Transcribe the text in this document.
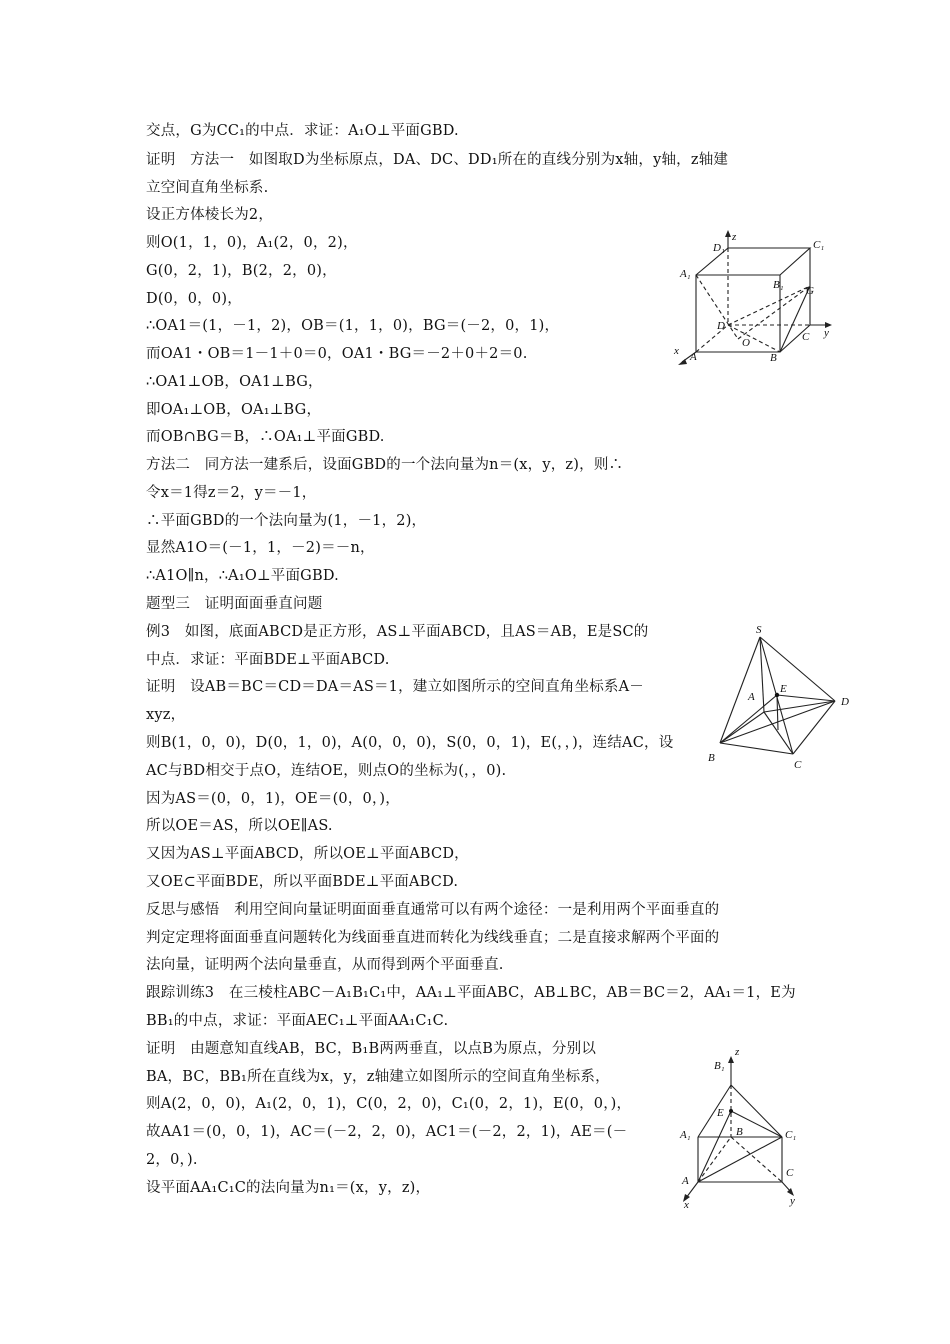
交点，G为CC₁的中点．求证：A₁O⊥平面GBD.
证明　方法一　如图取D为坐标原点，DA、DC、DD₁所在的直线分别为x轴，y轴，z轴建
立空间直角坐标系.
设正方体棱长为2，
则O(1，1，0)，A₁(2，0，2)，
G(0，2，1)，B(2，2，0)，
D(0，0，0)，
∴OA1＝(1，－1，2)，OB＝(1，1，0)，BG＝(－2，0，1)，
而OA1・OB＝1－1＋0＝0，OA1・BG＝－2＋0＋2＝0.
∴OA1⊥OB，OA1⊥BG，
即OA₁⊥OB，OA₁⊥BG，
而OB∩BG＝B，∴OA₁⊥平面GBD.
方法二　同方法一建系后，设面GBD的一个法向量为n＝(x，y，z)，则∴
令x＝1得z＝2，y＝－1，
∴平面GBD的一个法向量为(1，－1，2)，
显然A1O＝(－1，1，－2)＝－n，
∴A1O∥n，∴A₁O⊥平面GBD.
题型三　证明面面垂直问题
例3　如图，底面ABCD是正方形，AS⊥平面ABCD，且AS＝AB，E是SC的
中点．求证：平面BDE⊥平面ABCD.
证明　设AB＝BC＝CD＝DA＝AS＝1，建立如图所示的空间直角坐标系A－
xyz，
则B(1，0，0)，D(0，1，0)，A(0，0，0)，S(0，0，1)，E(，，)，连结AC，设
AC与BD相交于点O，连结OE，则点O的坐标为(，，0).
因为AS＝(0，0，1)，OE＝(0，0，)，
所以OE＝AS，所以OE∥AS.
又因为AS⊥平面ABCD，所以OE⊥平面ABCD，
又OE⊂平面BDE，所以平面BDE⊥平面ABCD.
反思与感悟　利用空间向量证明面面垂直通常可以有两个途径：一是利用两个平面垂直的
判定定理将面面垂直问题转化为线面垂直进而转化为线线垂直；二是直接求解两个平面的
法向量，证明两个法向量垂直，从而得到两个平面垂直.
跟踪训练3　在三棱柱ABC－A₁B₁C₁中，AA₁⊥平面ABC，AB⊥BC，AB＝BC＝2，AA₁＝1，E为
BB₁的中点，求证：平面AEC₁⊥平面AA₁C₁C.
证明　由题意知直线AB，BC，B₁B两两垂直，以点B为原点，分别以
BA，BC，BB₁所在直线为x，y，z轴建立如图所示的空间直角坐标系，
则A(2，0，0)，A₁(2，0，1)，C(0，2，0)，C₁(0，2，1)，E(0，0，)，
故AA1＝(0，0，1)，AC＝(－2，2，0)，AC1＝(－2，2，1)，AE＝(－
2，0，).
设平面AA₁C₁C的法向量为n₁＝(x，y，z)，
D₁
z
C₁
A₁
B₁ G
D
O	C y
x A	B
S
E
A	D
B
C
B₁
z
A₁
E
C₁
B
A
C
x	y
